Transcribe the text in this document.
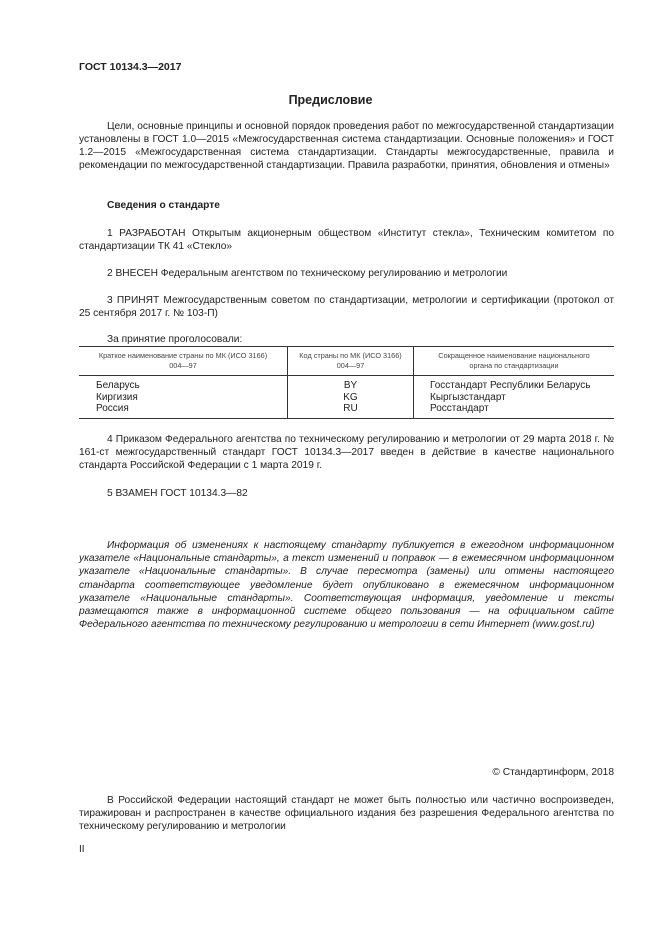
ГОСТ 10134.3—2017
Предисловие
Цели, основные принципы и основной порядок проведения работ по межгосударственной стандартизации установлены в ГОСТ 1.0—2015 «Межгосударственная система стандартизации. Основные положения» и ГОСТ 1.2—2015 «Межгосударственная система стандартизации. Стандарты межгосударственные, правила и рекомендации по межгосударственной стандартизации. Правила разработки, принятия, обновления и отмены»
Сведения о стандарте
1 РАЗРАБОТАН Открытым акционерным обществом «Институт стекла», Техническим комитетом по стандартизации ТК 41 «Стекло»
2 ВНЕСЕН Федеральным агентством по техническому регулированию и метрологии
3 ПРИНЯТ Межгосударственным советом по стандартизации, метрологии и сертификации (протокол от 25 сентября 2017 г. № 103-П)
За принятие проголосовали:
Краткое наименование страны по МК (ИСО 3166) 004—97	Код страны по МК (ИСО 3166) 004—97	Сокращенное наименование национального органа по стандартизации
Беларусь	BY	Госстандарт Республики Беларусь
Киргизия	KG	Кыргызстандарт
Россия	RU	Росстандарт
4 Приказом Федерального агентства по техническому регулированию и метрологии от 29 марта 2018 г. № 161-ст межгосударственный стандарт ГОСТ 10134.3—2017 введен в действие в качестве национального стандарта Российской Федерации с 1 марта 2019 г.
5 ВЗАМЕН ГОСТ 10134.3—82
Информация об изменениях к настоящему стандарту публикуется в ежегодном информационном указателе «Национальные стандарты», а текст изменений и поправок — в ежемесячном информационном указателе «Национальные стандарты». В случае пересмотра (замены) или отмены настоящего стандарта соответствующее уведомление будет опубликовано в ежемесячном информационном указателе «Национальные стандарты». Соответствующая информация, уведомление и тексты размещаются также в информационной системе общего пользования — на официальном сайте Федерального агентства по техническому регулированию и метрологии в сети Интернет (www.gost.ru)
© Стандартинформ, 2018
В Российской Федерации настоящий стандарт не может быть полностью или частично воспроизведен, тиражирован и распространен в качестве официального издания без разрешения Федерального агентства по техническому регулированию и метрологии
II
